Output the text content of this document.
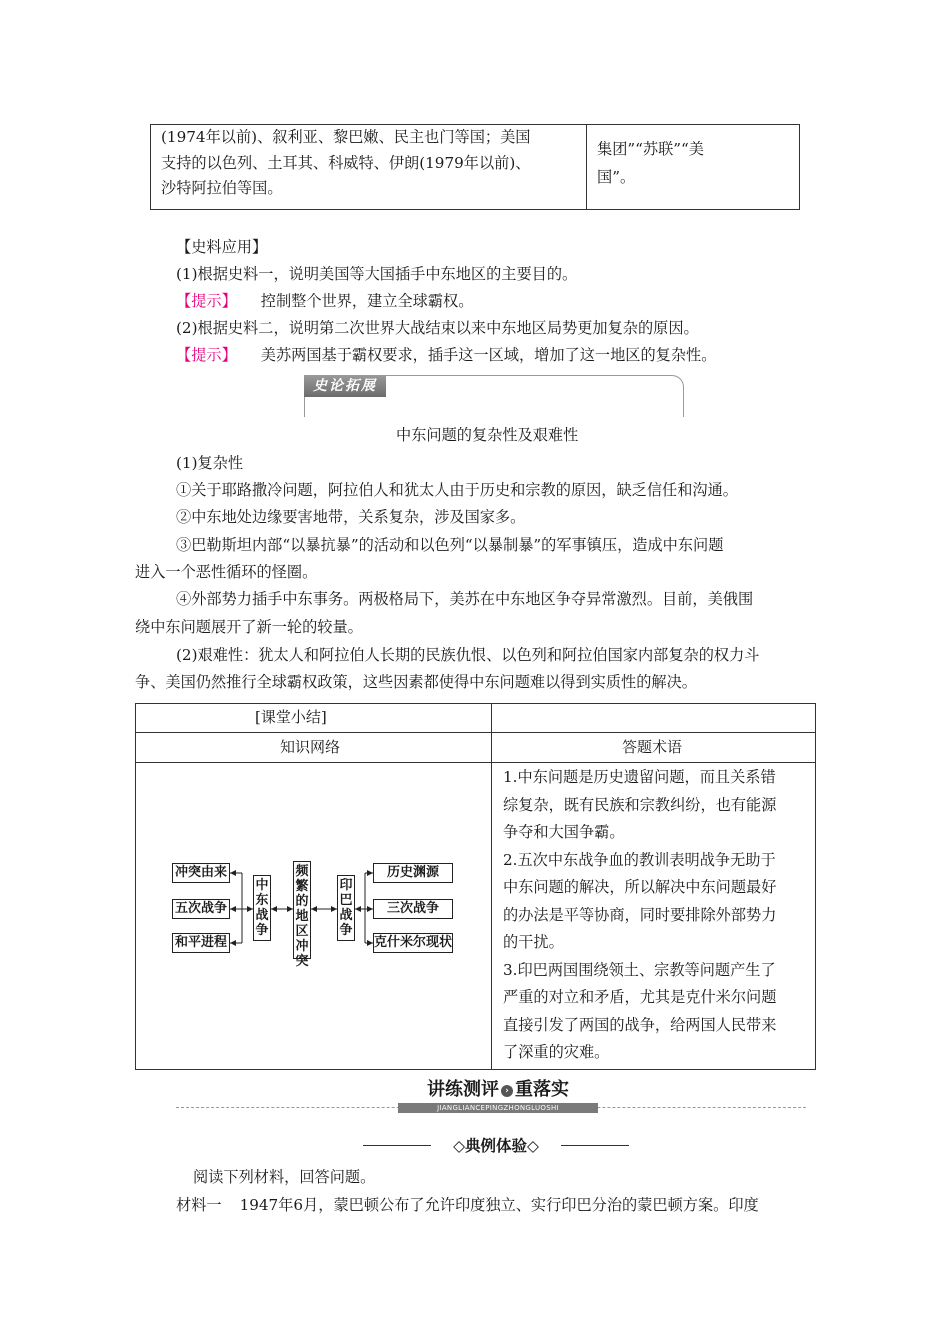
(1974年以前)、叙利亚、黎巴嫩、民主也门等国；美国
支持的以色列、土耳其、科威特、伊朗(1979年以前)、
沙特阿拉伯等国。
集团”“苏联”“美
国”。
【史料应用】
(1)根据史料一，说明美国等大国插手中东地区的主要目的。
【提示】 控制整个世界，建立全球霸权。
(2)根据史料二，说明第二次世界大战结束以来中东地区局势更加复杂的原因。
【提示】 美苏两国基于霸权要求，插手这一区域，增加了这一地区的复杂性。
史论拓展
中东问题的复杂性及艰难性
(1)复杂性
①关于耶路撒冷问题，阿拉伯人和犹太人由于历史和宗教的原因，缺乏信任和沟通。
②中东地处边缘要害地带，关系复杂，涉及国家多。
③巴勒斯坦内部“以暴抗暴”的活动和以色列“以暴制暴”的军事镇压，造成中东问题
进入一个恶性循环的怪圈。
④外部势力插手中东事务。两极格局下，美苏在中东地区争夺异常激烈。目前，美俄围
绕中东问题展开了新一轮的较量。
(2)艰难性：犹太人和阿拉伯人长期的民族仇恨、以色列和阿拉伯国家内部复杂的权力斗
争、美国仍然推行全球霸权政策，这些因素都使得中东问题难以得到实质性的解决。
[课堂小结]
知识网络	答题术语
1.中东问题是历史遗留问题，而且关系错
综复杂，既有民族和宗教纠纷，也有能源
争夺和大国争霸。
2.五次中东战争血的教训表明战争无助于
中东问题的解决，所以解决中东问题最好
的办法是平等协商，同时要排除外部势力
的干扰。
3.印巴两国围绕领土、宗教等问题产生了
严重的对立和矛盾，尤其是克什米尔问题
直接引发了两国的战争，给两国人民带来
了深重的灾难。
冲突由来
五次战争
和平进程
中东战争
频繁的地区冲突
印巴战争
历史渊源
三次战争
克什米尔现状
讲练测评 › 重落实
JIANGLIANCEPINGZHONGLUOSHI
◇典例体验◇
阅读下列材料，回答问题。
材料一 1947年6月，蒙巴顿公布了允许印度独立、实行印巴分治的蒙巴顿方案。印度
